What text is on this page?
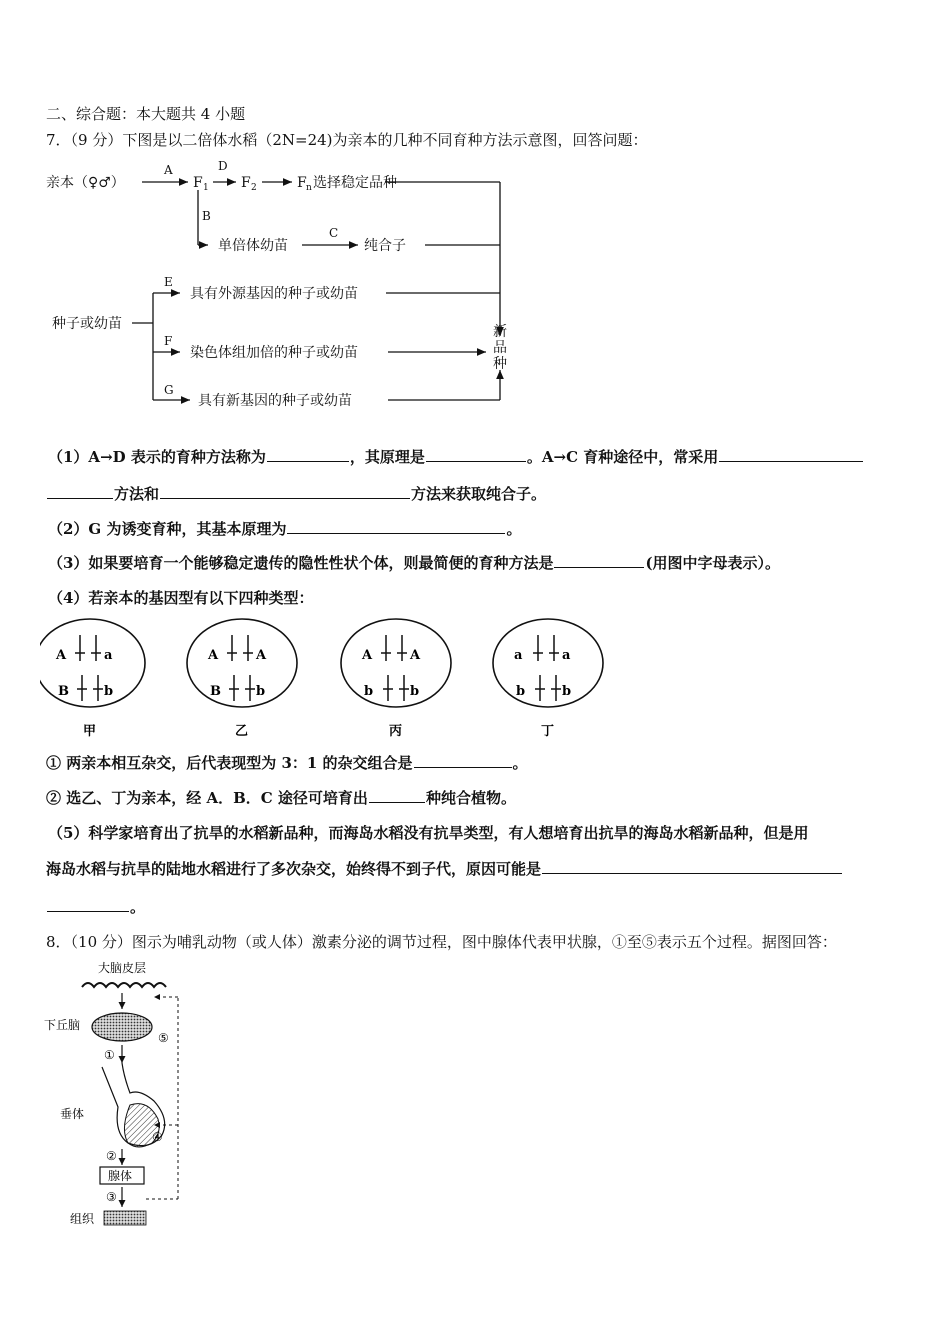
二、综合题：本大题共 4 小题
7．（9 分）下图是以二倍体水稻（2N=24)为亲本的几种不同育种方法示意图，回答问题：
亲本（♀♂）
A
F 1
D
F 2	F n 选择稳定品种
B
单倍体幼苗
C
纯合子
种子或幼苗
E
具有外源基因的种子或幼苗
F
染色体组加倍的种子或幼苗
G
具有新基因的种子或幼苗
新
品
种
（1）A→D 表示的育种方法称为	，其原理是	。A→C 育种途径中，常采用
方法和	方法来获取纯合子。
（2）G 为诱变育种，其基本原理为	。
（3）如果要培育一个能够稳定遗传的隐性性状个体，则最简便的育种方法是	(用图中字母表示）。
（4）若亲本的基因型有以下四种类型：
A	a
B	b
甲
A	A
B	b
乙
A	A
b	b
丙
a	a
b	b
丁
① 两亲本相互杂交，后代表现型为 3：1 的杂交组合是	。
② 选乙、丁为亲本，经 A．B．C 途径可培育出	种纯合植物。
（5）科学家培育出了抗旱的水稻新品种，而海岛水稻没有抗旱类型，有人想培育出抗旱的海岛水稻新品种，但是用
海岛水稻与抗旱的陆地水稻进行了多次杂交，始终得不到子代，原因可能是
。
8．（10 分）图示为哺乳动物（或人体）激素分泌的调节过程，图中腺体代表甲状腺，①至⑤表示五个过程。据图回答：
大脑皮层
下丘脑
①
垂体
②
腺体
③
组织
⑤
④
